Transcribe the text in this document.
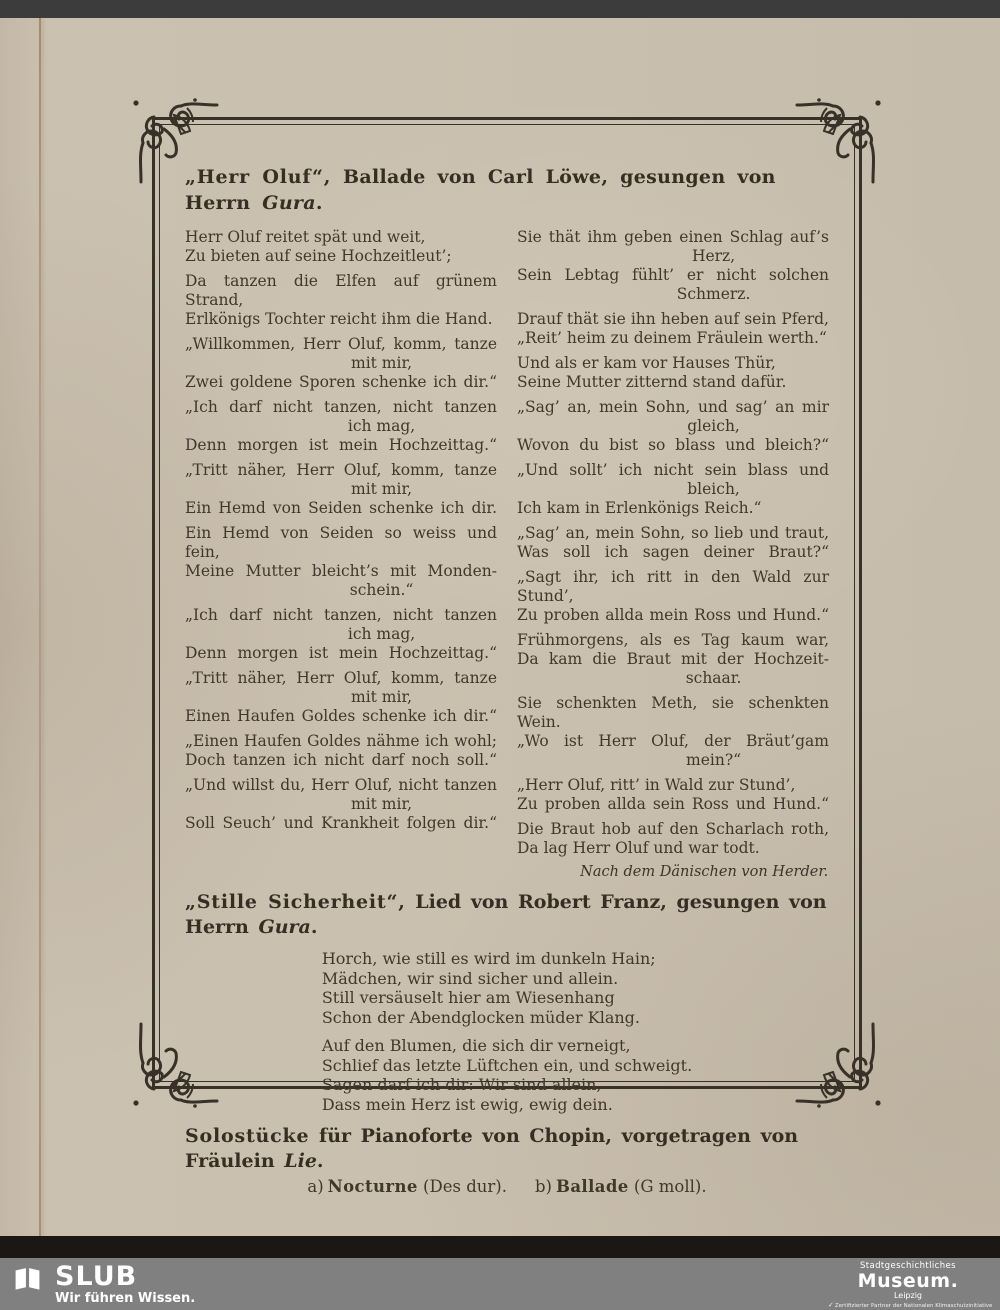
„Herr Oluf“, Ballade von Carl Löwe, gesungen von Herrn Gura.
Herr Oluf reitet spät und weit,
Zu bieten auf seine Hochzeitleut’;
Da tanzen die Elfen auf grünem Strand,
Erlkönigs Tochter reicht ihm die Hand.
„Willkommen, Herr Oluf, komm, tanze
mit mir,
Zwei goldene Sporen schenke ich dir.“
„Ich darf nicht tanzen, nicht tanzen
ich mag,
Denn morgen ist mein Hochzeittag.“
„Tritt näher, Herr Oluf, komm, tanze
mit mir,
Ein Hemd von Seiden schenke ich dir.
Ein Hemd von Seiden so weiss und fein,
Meine Mutter bleicht’s mit Monden-
schein.“
„Ich darf nicht tanzen, nicht tanzen
ich mag,
Denn morgen ist mein Hochzeittag.“
„Tritt näher, Herr Oluf, komm, tanze
mit mir,
Einen Haufen Goldes schenke ich dir.“
„Einen Haufen Goldes nähme ich wohl;
Doch tanzen ich nicht darf noch soll.“
„Und willst du, Herr Oluf, nicht tanzen
mit mir,
Soll Seuch’ und Krankheit folgen dir.“
Sie thät ihm geben einen Schlag auf’s
Herz,
Sein Lebtag fühlt’ er nicht solchen
Schmerz.
Drauf thät sie ihn heben auf sein Pferd,
„Reit’ heim zu deinem Fräulein werth.“
Und als er kam vor Hauses Thür,
Seine Mutter zitternd stand dafür.
„Sag’ an, mein Sohn, und sag’ an mir
gleich,
Wovon du bist so blass und bleich?“
„Und sollt’ ich nicht sein blass und
bleich,
Ich kam in Erlenkönigs Reich.“
„Sag’ an, mein Sohn, so lieb und traut,
Was soll ich sagen deiner Braut?“
„Sagt ihr, ich ritt in den Wald zur Stund’,
Zu proben allda mein Ross und Hund.“
Frühmorgens, als es Tag kaum war,
Da kam die Braut mit der Hochzeit-
schaar.
Sie schenkten Meth, sie schenkten Wein.
„Wo ist Herr Oluf, der Bräut’gam
mein?“
„Herr Oluf, ritt’ in Wald zur Stund’,
Zu proben allda sein Ross und Hund.“
Die Braut hob auf den Scharlach roth,
Da lag Herr Oluf und war todt.
Nach dem Dänischen von Herder.
„Stille Sicherheit“, Lied von Robert Franz, gesungen von Herrn Gura.
Horch, wie still es wird im dunkeln Hain;
Mädchen, wir sind sicher und allein.
Still versäuselt hier am Wiesenhang
Schon der Abendglocken müder Klang.
Auf den Blumen, die sich dir verneigt,
Schlief das letzte Lüftchen ein, und schweigt.
Sagen darf ich dir: Wir sind allein,
Dass mein Herz ist ewig, ewig dein.
Solostücke für Pianoforte von Chopin, vorgetragen von Fräulein Lie.
a) Nocturne (Des dur). b) Ballade (G moll).
SLUB
Wir führen Wissen.
Stadtgeschichtliches
Museum.
Leipzig
✓Zertifizierter Partner der Nationalen Klimaschutzinitiative
